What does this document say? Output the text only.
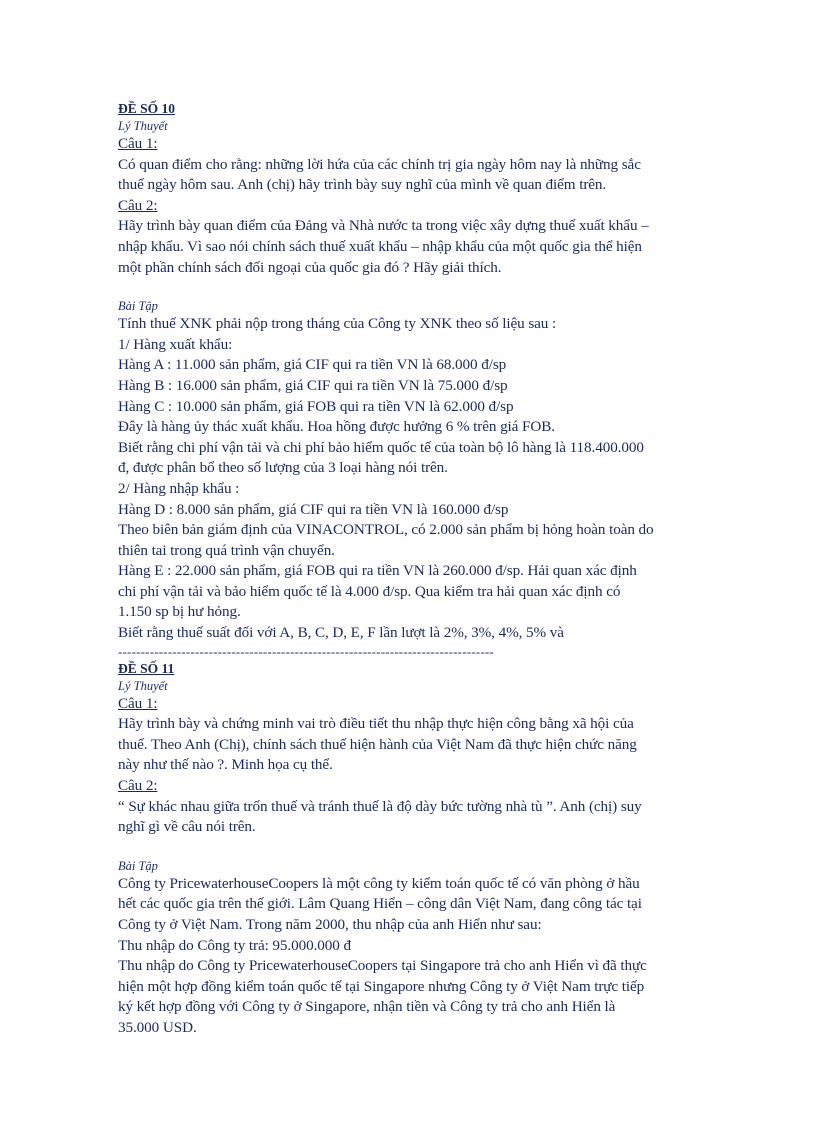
ĐỀ SỐ 10
Lý Thuyết
Câu 1:
Có quan điểm cho rằng: những lời hứa của các chính trị gia ngày hôm nay là những sắc
thuế ngày hôm sau. Anh (chị) hãy trình bày suy nghĩ của mình về quan điểm trên.
Câu 2:
Hãy trình bày quan điểm của Đảng và Nhà nước ta trong việc xây dựng thuế xuất khẩu –
nhập khẩu. Vì sao nói chính sách thuế xuất khẩu – nhập khẩu của một quốc gia thể hiện
một phần chính sách đối ngoại của quốc gia đó ? Hãy giải thích.
Bài Tập
Tính thuế XNK phải nộp trong tháng của Công ty XNK theo số liệu sau :
1/ Hàng xuất khẩu:
Hàng A : 11.000 sản phẩm, giá CIF qui ra tiền VN là 68.000 đ/sp
Hàng B : 16.000 sản phẩm, giá CIF qui ra tiền VN là 75.000 đ/sp
Hàng C : 10.000 sản phẩm, giá FOB qui ra tiền VN là 62.000 đ/sp
Đây là hàng ủy thác xuất khẩu. Hoa hồng được hưởng 6 % trên giá FOB.
Biết rằng chi phí vận tải và chi phí bảo hiểm quốc tế của toàn bộ lô hàng là 118.400.000
đ, được phân bổ theo số lượng của 3 loại hàng nói trên.
2/ Hàng nhập khẩu :
Hàng D : 8.000 sản phẩm, giá CIF qui ra tiền VN là 160.000 đ/sp
Theo biên bản giám định của VINACONTROL, có 2.000 sản phẩm bị hỏng hoàn toàn do
thiên tai trong quá trình vận chuyển.
Hàng E : 22.000 sản phẩm, giá FOB qui ra tiền VN là 260.000 đ/sp. Hải quan xác định
chi phí vận tải và bảo hiểm quốc tế là 4.000 đ/sp. Qua kiểm tra hải quan xác định có
1.150 sp bị hư hỏng.
Biết rằng thuế suất đối với A, B, C, D, E, F lần lượt là 2%, 3%, 4%, 5% và
-----------------------------------------------------------------------------------
ĐỀ SỐ 11
Lý Thuyết
Câu 1:
Hãy trình bày và chứng minh vai trò điều tiết thu nhập thực hiện công bằng xã hội của
thuế. Theo Anh (Chị), chính sách thuế hiện hành của Việt Nam đã thực hiện chức năng
này như thế nào ?. Minh họa cụ thể.
Câu 2:
“ Sự khác nhau giữa trốn thuế và tránh thuế là độ dày bức tường nhà tù ”. Anh (chị) suy
nghĩ gì về câu nói trên.
Bài Tập
Công ty PricewaterhouseCoopers là một công ty kiểm toán quốc tế có văn phòng ở hầu
hết các quốc gia trên thế giới. Lâm Quang Hiển – công dân Việt Nam, đang công tác tại
Công ty ở Việt Nam. Trong năm 2000, thu nhập của anh Hiển như sau:
Thu nhập do Công ty trả: 95.000.000 đ
Thu nhập do Công ty PricewaterhouseCoopers tại Singapore trả cho anh Hiển vì đã thực
hiện một hợp đồng kiểm toán quốc tế tại Singapore nhưng Công ty ở Việt Nam trực tiếp
ký kết hợp đồng với Công ty ở Singapore, nhận tiền và Công ty trả cho anh Hiển là
35.000 USD.
